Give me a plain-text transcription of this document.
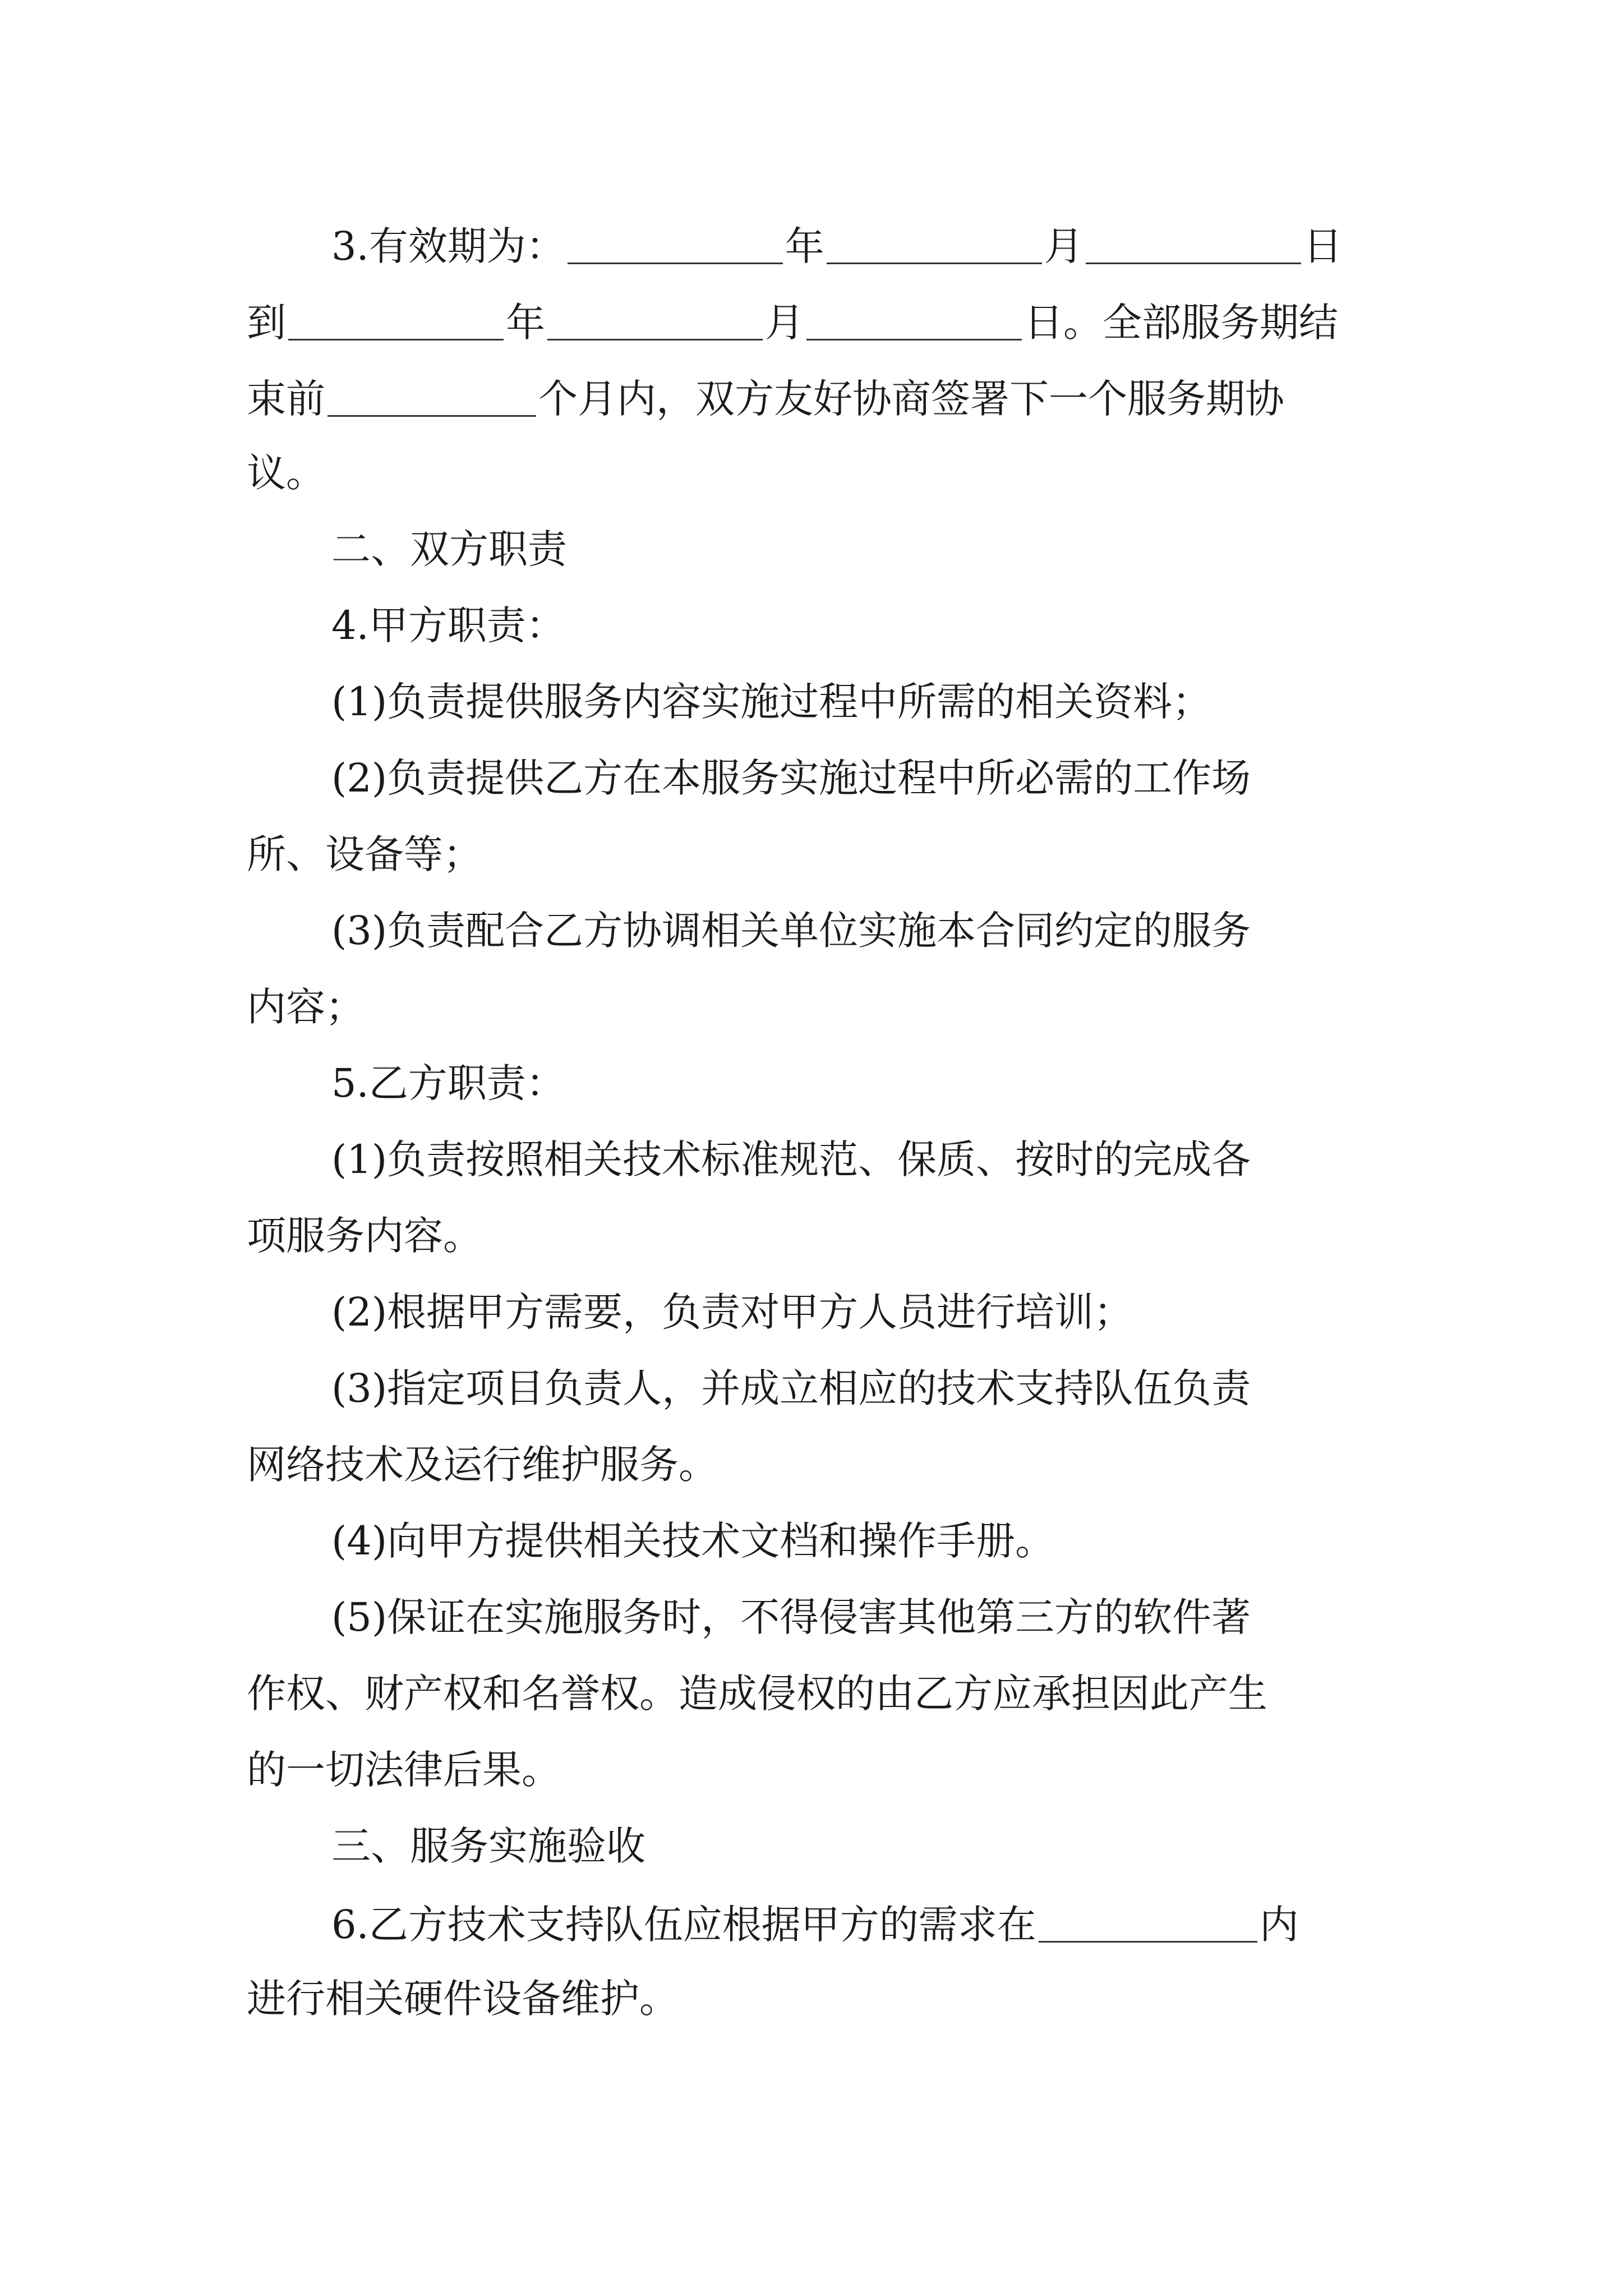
3.有效期为：	年	月	日
到	年	月	日。全部服务期结
束前	个月内，双方友好协商签署下一个服务期协
议。
二、双方职责
4.甲方职责：
(1)负责提供服务内容实施过程中所需的相关资料；
(2)负责提供乙方在本服务实施过程中所必需的工作场
所、设备等；
(3)负责配合乙方协调相关单位实施本合同约定的服务
内容；
5.乙方职责：
(1)负责按照相关技术标准规范、保质、按时的完成各
项服务内容。
(2)根据甲方需要，负责对甲方人员进行培训；
(3)指定项目负责人，并成立相应的技术支持队伍负责
网络技术及运行维护服务。
(4)向甲方提供相关技术文档和操作手册。
(5)保证在实施服务时，不得侵害其他第三方的软件著
作权、财产权和名誉权。造成侵权的由乙方应承担因此产生
的一切法律后果。
三、服务实施验收
6.乙方技术支持队伍应根据甲方的需求在	内
进行相关硬件设备维护。
